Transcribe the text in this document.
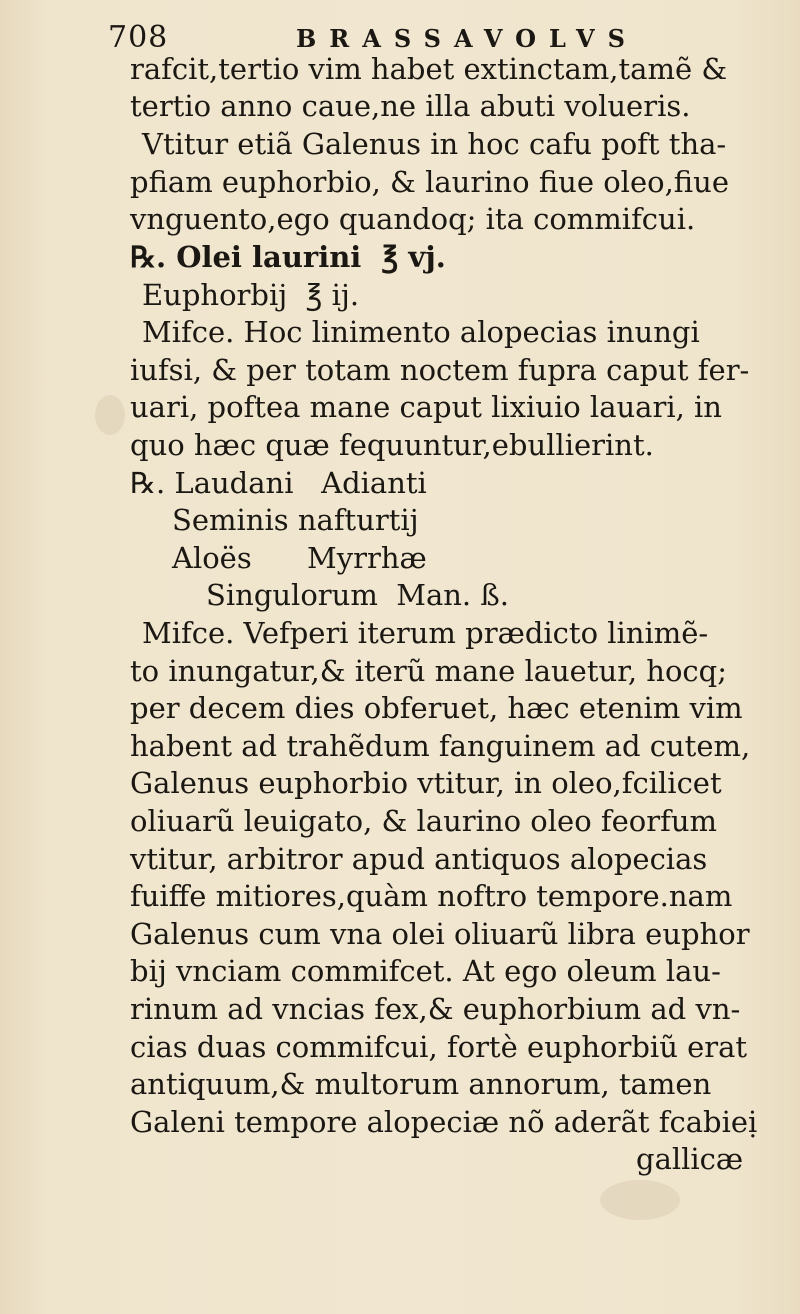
708	BRASSAVOLVS
rafcit,tertio vim habet extinctam,tamẽ &
tertio anno caue,ne illa abuti volueris.
Vtitur etiã Galenus in hoc cafu poft tha-
pfiam euphorbio, & laurino fiue oleo,fiue
vnguento,ego quandoq; ita commifcui.
℞. Olei laurini  ℥ vj.
Euphorbij  ℥ ij.
Mifce. Hoc linimento alopecias inungi
iufsi, & per totam noctem fupra caput fer-
uari, poftea mane caput lixiuio lauari, in
quo hæc quæ fequuntur,ebullierint.
℞. Laudani   Adianti
Seminis nafturtij
Aloës      Myrrhæ
Singulorum  Man. ß.
Mifce. Vefperi iterum prædicto linimẽ-
to inungatur,& iterũ mane lauetur, hocq;
per decem dies obferuet, hæc etenim vim
habent ad trahẽdum fanguinem ad cutem,
Galenus euphorbio vtitur, in oleo,fcilicet
oliuarũ leuigato, & laurino oleo feorfum
vtitur, arbitror apud antiquos alopecias
fuiffe mitiores,quàm noftro tempore.nam
Galenus cum vna olei oliuarũ libra euphor
bij vnciam commifcet. At ego oleum lau-
rinum ad vncias fex,& euphorbium ad vn-
cias duas commifcui, fortè euphorbiũ erat
antiquum,& multorum annorum, tamen
Galeni tempore alopeciæ nõ aderãt fcabieị
gallicæ
